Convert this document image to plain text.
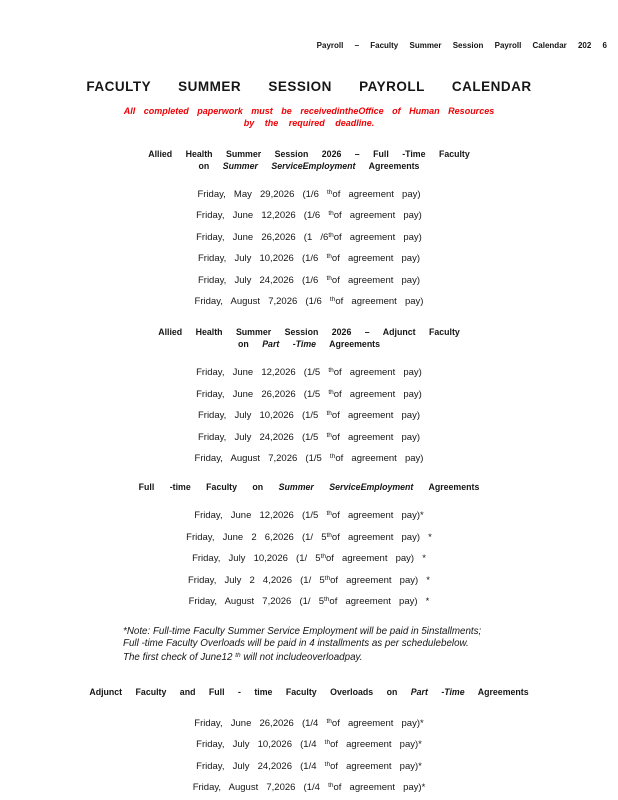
Payroll – Faculty Summer Session Payroll Calendar 202 6
FACULTY SUMMER SESSION PAYROLL CALENDAR
All completed paperwork must be receivedintheOffice of Human Resources
by the required deadline.
Allied Health Summer Session 2026 – Full -Time Faculty
on Summer ServiceEmployment Agreements
Friday, May 29,2026 (1/6 $^{th}$of agreement pay)
Friday, June 12,2026 (1/6 $^{th}$of agreement pay)
Friday, June 26,2026 (1 /6thof agreement pay)
Friday, July 10,2026 (1/6 $^{th}$of agreement pay)
Friday, July 24,2026 (1/6 $^{th}$of agreement pay)
Friday, August 7,2026 (1/6 $^{th}$of agreement pay)
Allied Health Summer Session 2026 – Adjunct Faculty
on Part -Time Agreements
Friday, June 12,2026 (1/5 $^{th}$of agreement pay)
Friday, June 26,2026 (1/5 $^{th}$of agreement pay)
Friday, July 10,2026 (1/5 $^{th}$of agreement pay)
Friday, July 24,2026 (1/5 $^{th}$of agreement pay)
Friday, August 7,2026 (1/5 $^{th}$of agreement pay)
Full -time Faculty on Summer ServiceEmployment Agreements
Friday, June 12,2026 (1/5 $^{th}$of agreement pay)*
Friday, June 2 6,2026 (1/ 5thof agreement pay) *
Friday, July 10,2026 (1/ 5thof agreement pay) *
Friday, July 2 4,2026 (1/ 5thof agreement pay) *
Friday, August 7,2026 (1/ 5thof agreement pay) *
*Note: Full-time Faculty Summer Service Employment will be paid in 5installments;
Full -time Faculty Overloads will be paid in 4 installments as per schedulebelow.
The first check of June12 $^{th}$ will not includeoverloadpay.
Adjunct Faculty and Full - time Faculty Overloads on Part -Time Agreements
Friday, June 26,2026 (1/4 $^{th}$of agreement pay)*
Friday, July 10,2026 (1/4 $^{th}$of agreement pay)*
Friday, July 24,2026 (1/4 $^{th}$of agreement pay)*
Friday, August 7,2026 (1/4 $^{th}$of agreement pay)*
